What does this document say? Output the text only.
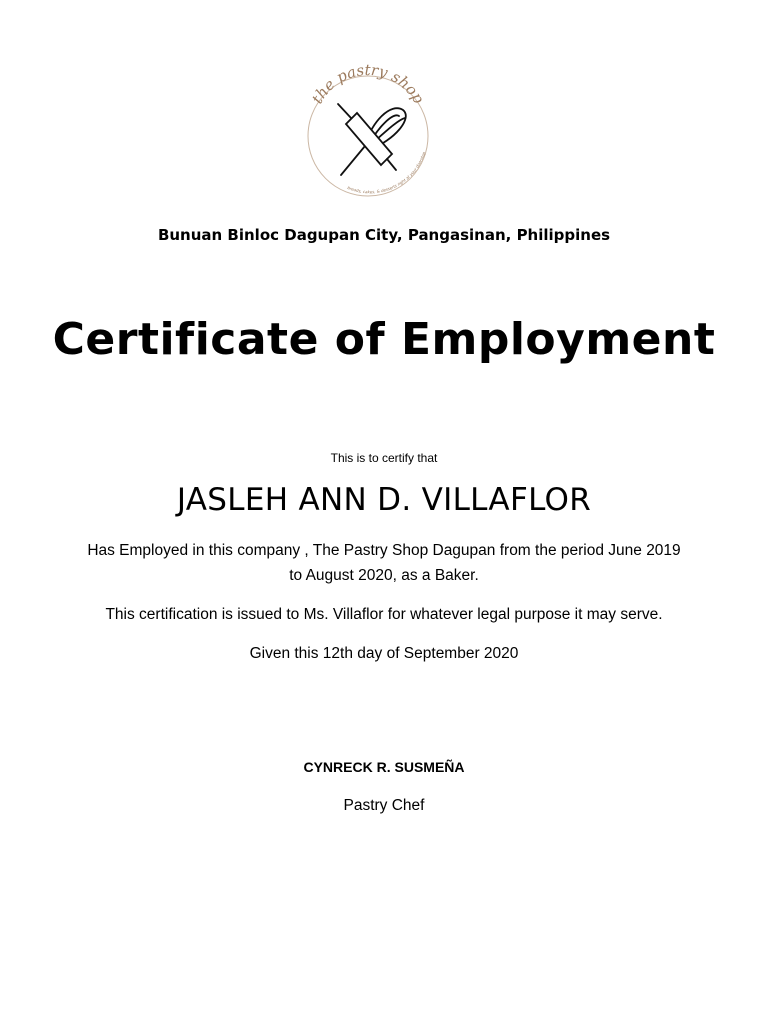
the pastry shop
breads, cakes, & desserts right at your doorstep
Bunuan Binloc Dagupan City, Pangasinan, Philippines
Certificate of Employment
This is to certify that
JASLEH ANN D. VILLAFLOR
Has Employed in this company , The Pastry Shop Dagupan from the period June 2019 to August 2020, as a Baker.
This certification is issued to Ms. Villaflor for whatever legal purpose it may serve.
Given this 12th day of September 2020
CYNRECK R. SUSMEÑA
Pastry Chef
